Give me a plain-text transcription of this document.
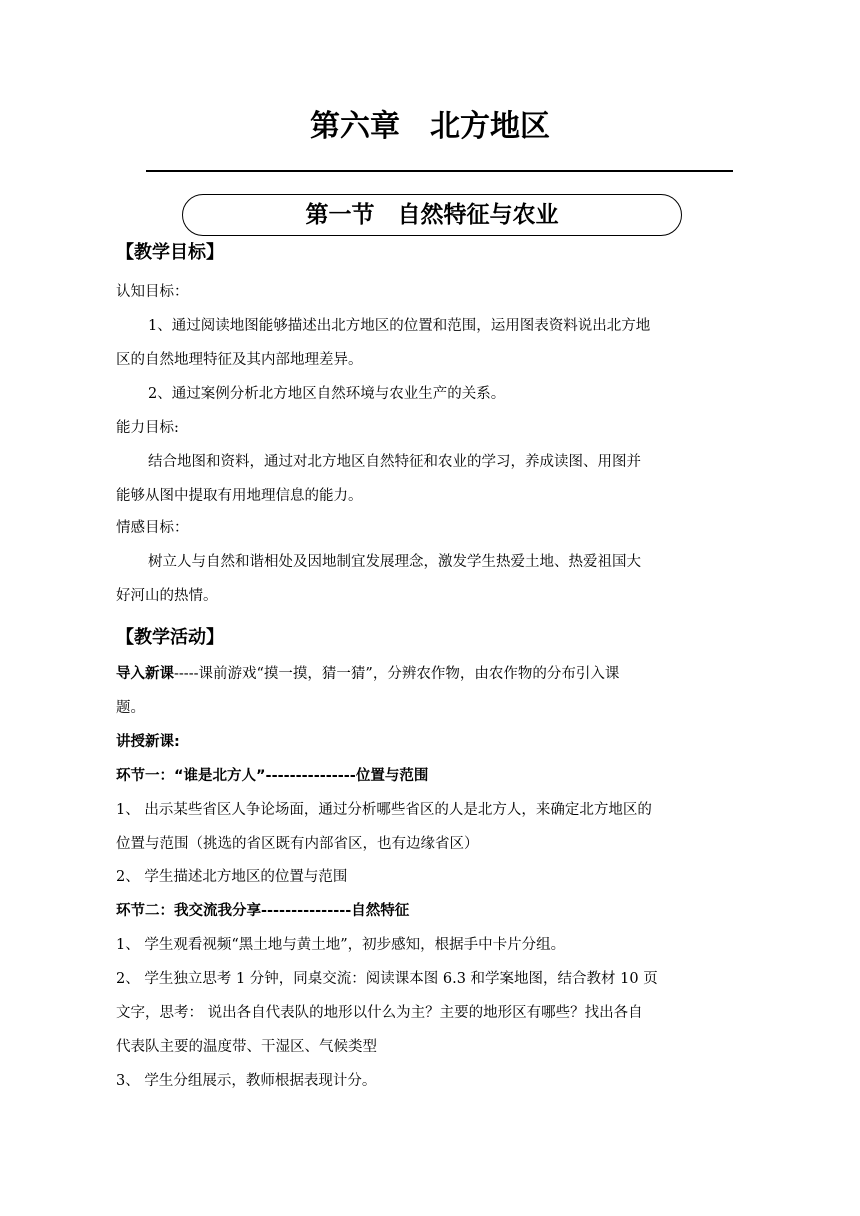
第六章　北方地区
第一节　自然特征与农业
【教学目标】
认知目标：
1、通过阅读地图能够描述出北方地区的位置和范围，运用图表资料说出北方地
区的自然地理特征及其内部地理差异。
2、通过案例分析北方地区自然环境与农业生产的关系。
能力目标:
结合地图和资料，通过对北方地区自然特征和农业的学习，养成读图、用图并
能够从图中提取有用地理信息的能力。
情感目标：
树立人与自然和谐相处及因地制宜发展理念，激发学生热爱土地、热爱祖国大
好河山的热情。
【教学活动】
导入新课-----课前游戏“摸一摸，猜一猜”，分辨农作物，由农作物的分布引入课
题。
讲授新课:
环节一：“谁是北方人”---------------位置与范围
1、 出示某些省区人争论场面，通过分析哪些省区的人是北方人，来确定北方地区的
位置与范围（挑选的省区既有内部省区，也有边缘省区）
2、 学生描述北方地区的位置与范围
环节二：我交流我分享---------------自然特征
1、 学生观看视频“黑土地与黄土地”，初步感知，根据手中卡片分组。
2、 学生独立思考 1 分钟，同桌交流：阅读课本图 6.3 和学案地图，结合教材 10 页
文字，思考： 说出各自代表队的地形以什么为主？主要的地形区有哪些？找出各自
代表队主要的温度带、干湿区、气候类型
3、 学生分组展示，教师根据表现计分。
